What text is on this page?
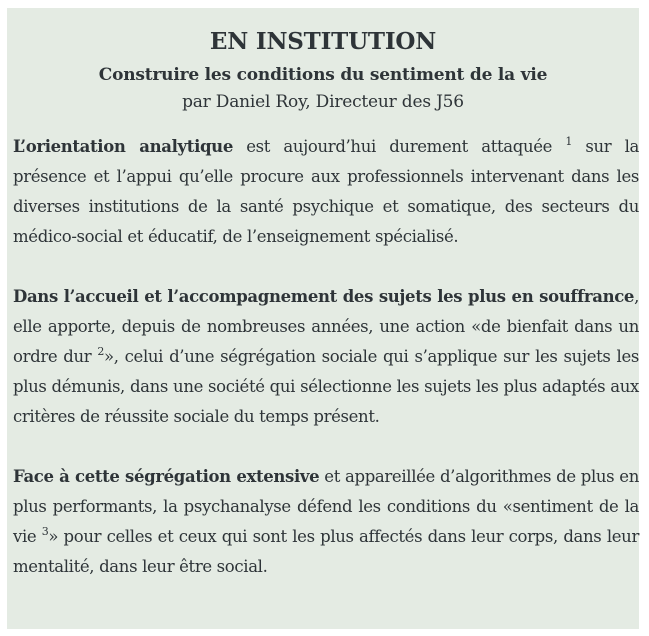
EN INSTITUTION
Construire les conditions du sentiment de la vie

par Daniel Roy, Directeur des J56

L’orientation analytique est aujourd’hui durement attaquée $^1$ sur la présence et l’appui qu’elle procure aux professionnels intervenant dans les diverses institutions de la santé psychique et somatique, des secteurs du médico-social et éducatif, de l’enseignement spécialisé.

Dans l’accueil et l’accompagnement des sujets les plus en souffrance, elle apporte, depuis de nombreuses années, une action «de bienfait dans un ordre dur $^2$», celui d’une ségrégation sociale qui s’applique sur les sujets les plus démunis, dans une société qui sélectionne les sujets les plus adaptés aux critères de réussite sociale du temps présent.

Face à cette ségrégation extensive et appareillée d’algorithmes de plus en plus performants, la psychanalyse défend les conditions du «sentiment de la vie $^3$» pour celles et ceux qui sont les plus affectés dans leur corps, dans leur mentalité, dans leur être social.
